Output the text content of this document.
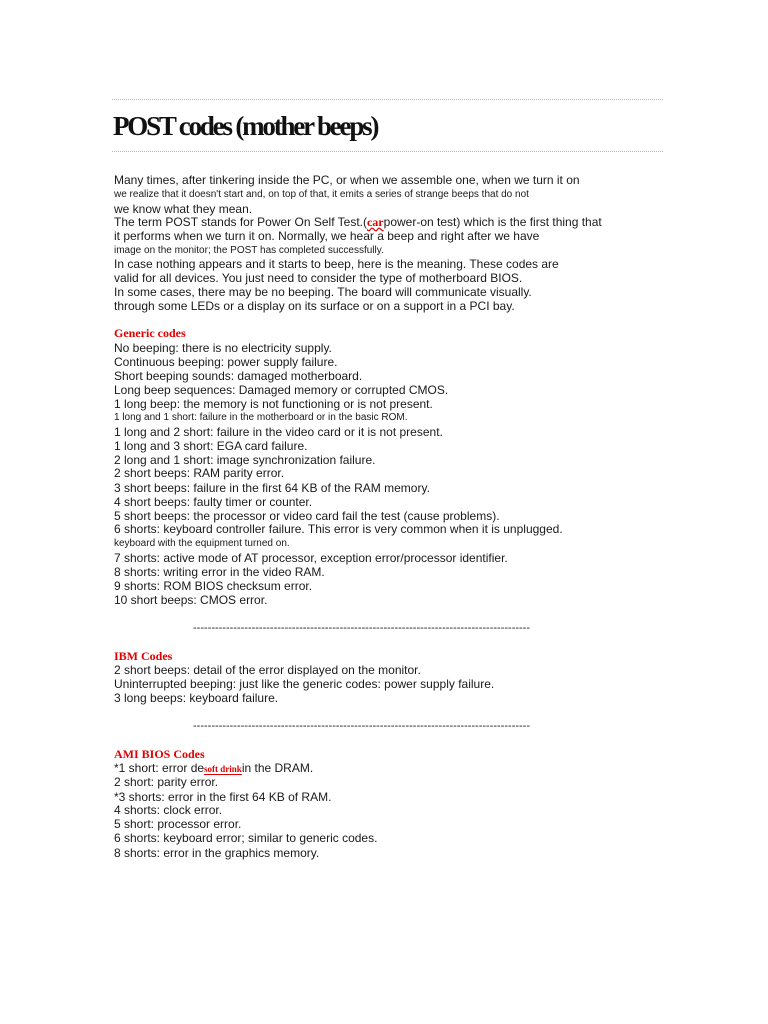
POST codes (mother beeps)
Many times, after tinkering inside the PC, or when we assemble one, when we turn it on
we realize that it doesn't start and, on top of that, it emits a series of strange beeps that do not
we know what they mean.
The term POST stands for Power On Self Test.(carpower-on test) which is the first thing that
it performs when we turn it on. Normally, we hear a beep and right after we have
image on the monitor; the POST has completed successfully.
In case nothing appears and it starts to beep, here is the meaning. These codes are
valid for all devices. You just need to consider the type of motherboard BIOS.
In some cases, there may be no beeping. The board will communicate visually.
through some LEDs or a display on its surface or on a support in a PCI bay.
Generic codes
No beeping: there is no electricity supply.
Continuous beeping: power supply failure.
Short beeping sounds: damaged motherboard.
Long beep sequences: Damaged memory or corrupted CMOS.
1 long beep: the memory is not functioning or is not present.
1 long and 1 short: failure in the motherboard or in the basic ROM.
1 long and 2 short: failure in the video card or it is not present.
1 long and 3 short: EGA card failure.
2 long and 1 short: image synchronization failure.
2 short beeps: RAM parity error.
3 short beeps: failure in the first 64 KB of the RAM memory.
4 short beeps: faulty timer or counter.
5 short beeps: the processor or video card fail the test (cause problems).
6 shorts: keyboard controller failure. This error is very common when it is unplugged.
keyboard with the equipment turned on.
7 shorts: active mode of AT processor, exception error/processor identifier.
8 shorts: writing error in the video RAM.
9 shorts: ROM BIOS checksum error.
10 short beeps: CMOS error.
--------------------------------------------------------------------------------------------
IBM Codes
2 short beeps: detail of the error displayed on the monitor.
Uninterrupted beeping: just like the generic codes: power supply failure.
3 long beeps: keyboard failure.
--------------------------------------------------------------------------------------------
AMI BIOS Codes
*1 short: error desoft drinkin the DRAM.
2 short: parity error.
*3 shorts: error in the first 64 KB of RAM.
4 shorts: clock error.
5 short: processor error.
6 shorts: keyboard error; similar to generic codes.
8 shorts: error in the graphics memory.
